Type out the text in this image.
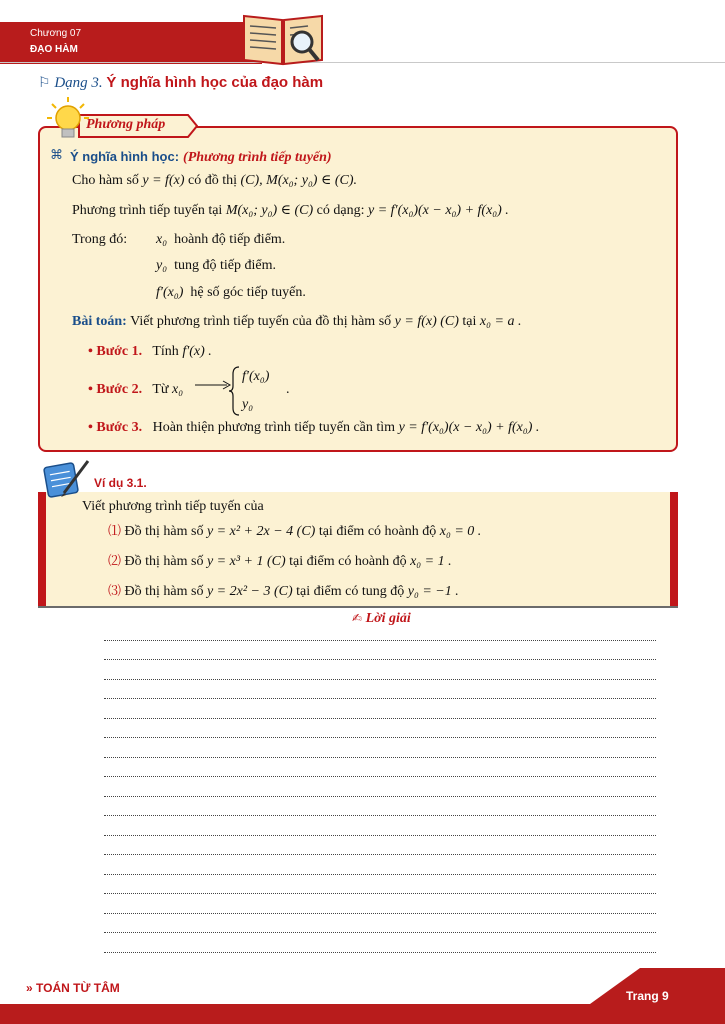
Chương 07
ĐẠO HÀM
⚐ Dạng 3. Ý nghĩa hình học của đạo hàm
Phương pháp
⌘ Ý nghĩa hình học: (Phương trình tiếp tuyến)
Cho hàm số y = f(x) có đồ thị (C), M(x₀; y₀) ∈ (C).
Phương trình tiếp tuyến tại M(x₀; y₀) ∈ (C) có dạng: y = f′(x₀)(x − x₀) + f(x₀) .
Trong đó: x₀ hoành độ tiếp điểm.
y₀ tung độ tiếp điểm.
f′(x₀) hệ số góc tiếp tuyến.
Bài toán: Viết phương trình tiếp tuyến của đồ thị hàm số y = f(x) (C) tại x₀ = a .
• Bước 1. Tính f′(x) .
• Bước 2. Từ x₀
f′(x₀)
y₀
.
• Bước 3. Hoàn thiện phương trình tiếp tuyến cần tìm y = f′(x₀)(x − x₀) + f(x₀) .
Ví dụ 3.1.
Viết phương trình tiếp tuyến của
⑴ Đồ thị hàm số y = x² + 2x − 4 (C) tại điểm có hoành độ x₀ = 0 .
⑵ Đồ thị hàm số y = x³ + 1 (C) tại điểm có hoành độ x₀ = 1 .
⑶ Đồ thị hàm số y = 2x² − 3 (C) tại điểm có tung độ y₀ = −1 .
✍ Lời giải
» TOÁN TỪ TÂM
Trang 9
